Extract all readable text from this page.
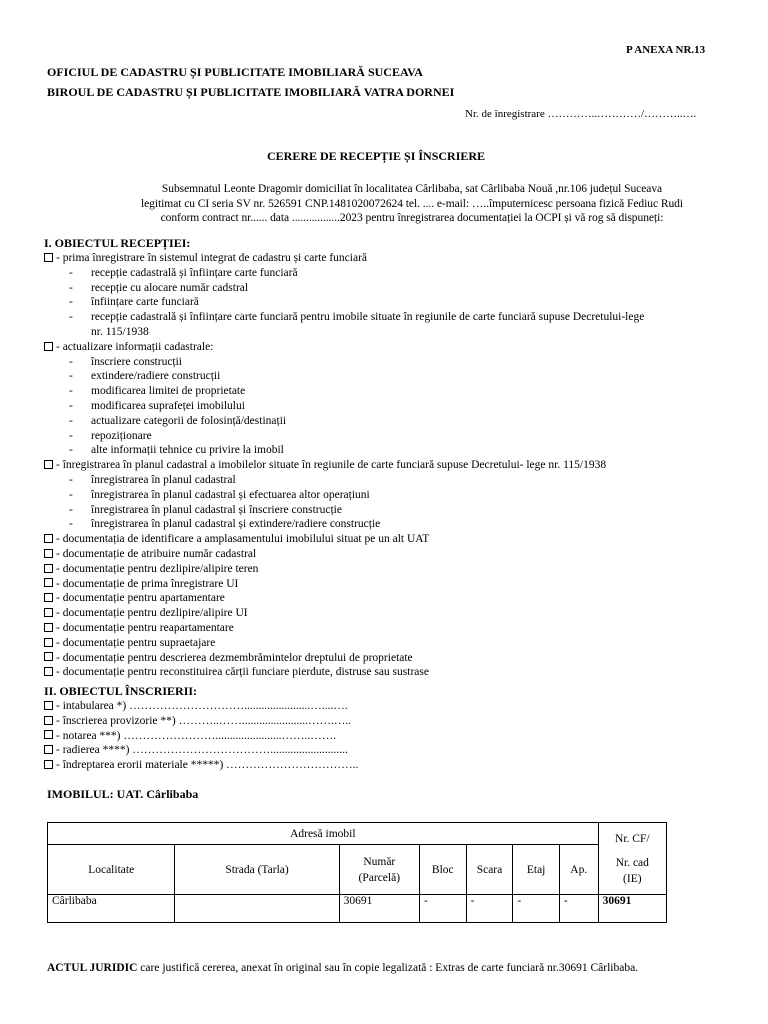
P ANEXA NR.13
OFICIUL DE CADASTRU ȘI PUBLICITATE IMOBILIARĂ SUCEAVA
BIROUL DE CADASTRU ȘI PUBLICITATE IMOBILIARĂ VATRA DORNEI
Nr. de înregistrare …………..…………/………..….
CERERE DE RECEPȚIE ȘI ÎNSCRIERE
Subsemnatul Leonte Dragomir domiciliat în localitatea Cârlibaba, sat Cârlibaba Nouă ,nr.106 județul Suceava
legitimat cu CI seria SV nr. 526591 CNP.1481020072624 tel. .... e-mail: …..împuternicesc persoana fizică Fediuc Rudi
conform contract nr...... data .................2023 pentru înregistrarea documentației la OCPI și vă rog să dispuneți:
I. OBIECTUL RECEPȚIEI:
- prima înregistrare în sistemul integrat de cadastru și carte funciară
- recepție cadastrală și înființare carte funciară
- recepție cu alocare număr cadstral
- înființare carte funciară
- recepție cadastrală și înființare carte funciară pentru imobile situate în regiunile de carte funciară supuse Decretului-lege
nr. 115/1938
- actualizare informații cadastrale:
- înscriere construcții
- extindere/radiere construcții
- modificarea limitei de proprietate
- modificarea suprafeței imobilului
- actualizare categorii de folosință/destinații
- repoziționare
- alte informații tehnice cu privire la imobil
- înregistrarea în planul cadastral a imobilelor situate în regiunile de carte funciară supuse Decretului- lege nr. 115/1938
- înregistrarea în planul cadastral
- înregistrarea în planul cadastral și efectuarea altor operațiuni
- înregistrarea în planul cadastral și înscriere construcție
- înregistrarea în planul cadastral și extindere/radiere construcție
- documentația de identificare a amplasamentului imobilului situat pe un alt UAT
- documentație de atribuire număr cadastral
- documentație pentru dezlipire/alipire teren
- documentație de prima înregistrare UI
- documentație pentru apartamentare
- documentație pentru dezlipire/alipire UI
- documentație pentru reapartamentare
- documentație pentru supraetajare
- documentație pentru descrierea dezmembrămintelor dreptului de proprietate
- documentație pentru reconstituirea cărții funciare pierdute, distruse sau sustrase
II. OBIECTUL ÎNSCRIERII:
- intabularea *) ………………………….......................…....….
- înscrierea provizorie **) ………..…….......................…….…..
- notarea ***) …………………….......................……..…….
- radierea ****) ………………………………...........................
- îndreptarea erorii materiale *****) ……………………………..
IMOBILUL: UAT. Cârlibaba
Adresă imobil							Nr. CF/
Nr. cad
(IE)

Localitate	Strada (Tarla)	Număr
(Parcelă)	Bloc	Scara	Etaj	Ap.	
Cârlibaba		30691	-	-	-	-	30691
ACTUL JURIDIC care justifică cererea, anexat în original sau în copie legalizată : Extras de carte funciară nr.30691 Cârlibaba.
